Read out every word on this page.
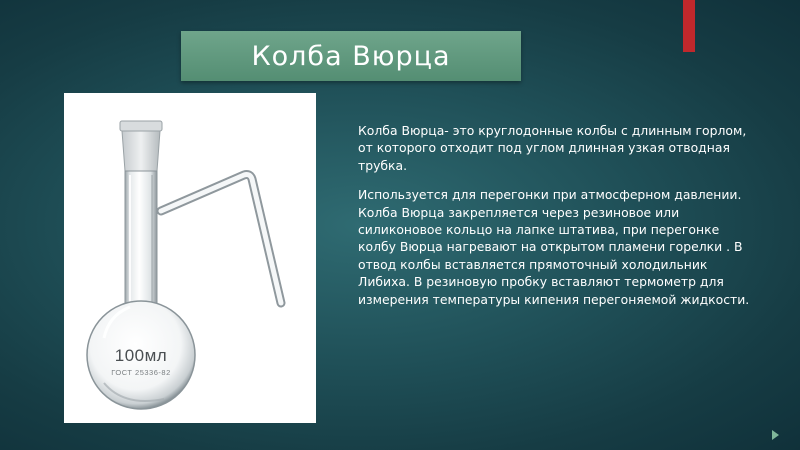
Колба Вюрца
100мл
ГОСТ 25336-82

Колба Вюрца- это круглодонные колбы с длинным горлом, от которого отходит под углом длинная узкая отводная трубка.

Используется для перегонки при атмосферном давлении. Колба Вюрца закрепляется через резиновое или силиконовое кольцо на лапке штатива, при перегонке колбу Вюрца нагревают на открытом пламени горелки . В отвод колбы вставляется прямоточный холодильник Либиха. В резиновую пробку вставляют термометр для измерения температуры кипения перегоняемой жидкости.
